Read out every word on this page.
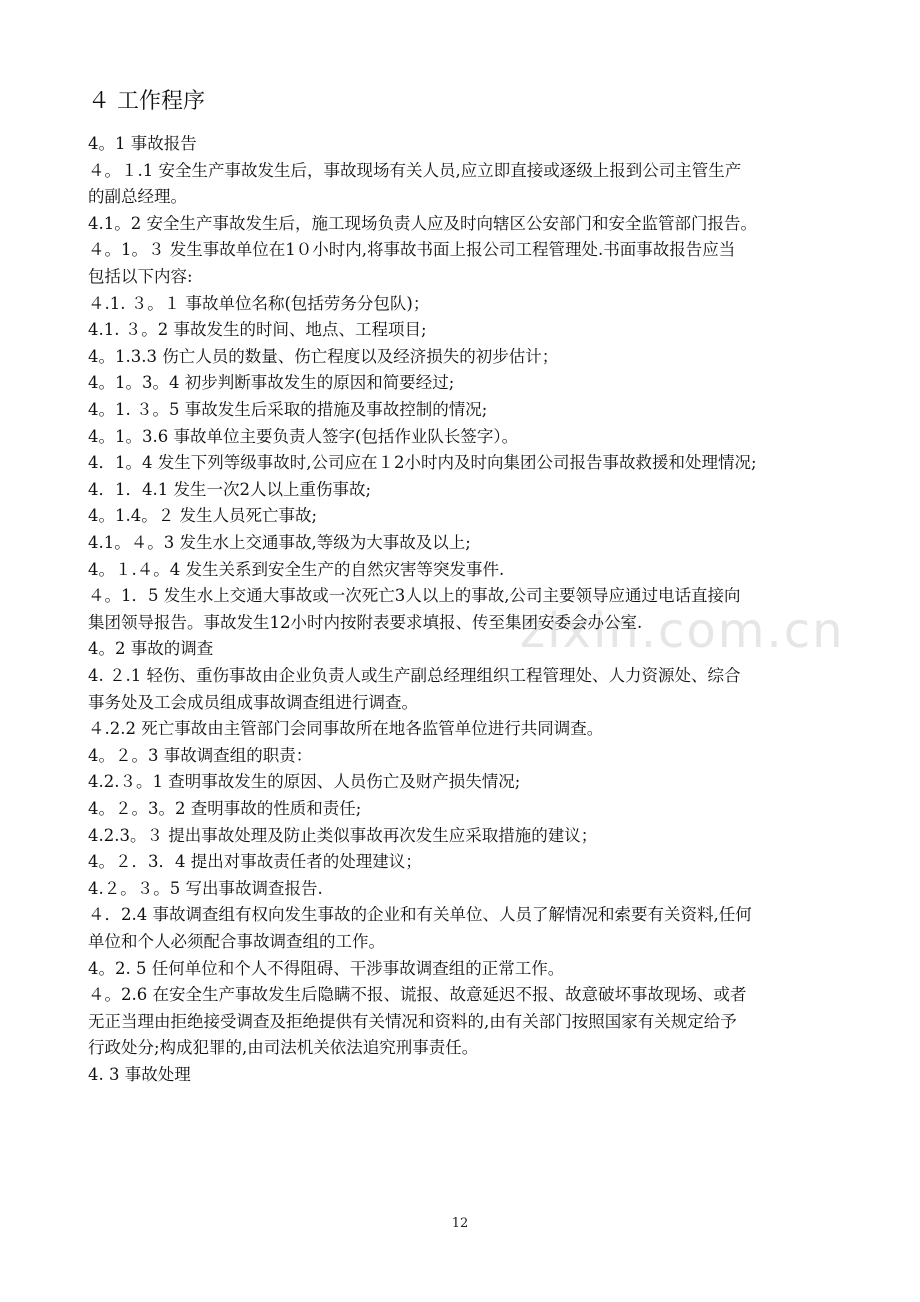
zixin.com.cn
４ 工作程序
4。1 事故报告
４。１.1 安全生产事故发生后，事故现场有关人员,应立即直接或逐级上报到公司主管生产
的副总经理。
4.1。2 安全生产事故发生后，施工现场负责人应及时向辖区公安部门和安全监管部门报告。
４。1。３ 发生事故单位在1０小时内,将事故书面上报公司工程管理处.书面事故报告应当
包括以下内容:
４.1. ３。１ 事故单位名称(包括劳务分包队)；
4.1. ３。2 事故发生的时间、地点、工程项目;
4。1.3.3 伤亡人员的数量、伤亡程度以及经济损失的初步估计；
4。1。3。4 初步判断事故发生的原因和简要经过;
4。1. ３。5 事故发生后采取的措施及事故控制的情况;
4。1。3.6 事故单位主要负责人签字(包括作业队长签字）。
4．1。4 发生下列等级事故时,公司应在１2小时内及时向集团公司报告事故救援和处理情况;
4．1．4.1 发生一次2人以上重伤事故;
4。1.4。２ 发生人员死亡事故;
4.1。４。3 发生水上交通事故,等级为大事故及以上;
4。１.４。4 发生关系到安全生产的自然灾害等突发事件.
４。1．5 发生水上交通大事故或一次死亡3人以上的事故,公司主要领导应通过电话直接向
集团领导报告。事故发生12小时内按附表要求填报、传至集团安委会办公室.
4。2 事故的调查
4. ２.1 轻伤、重伤事故由企业负责人或生产副总经理组织工程管理处、人力资源处、综合
事务处及工会成员组成事故调查组进行调查。
４.2.2 死亡事故由主管部门会同事故所在地各监管单位进行共同调查。
4。２。3 事故调查组的职责：
4.2.３。1 查明事故发生的原因、人员伤亡及财产损失情况;
4。２。3。2 查明事故的性质和责任;
4.2.3。３ 提出事故处理及防止类似事故再次发生应采取措施的建议；
4。２．3．4 提出对事故责任者的处理建议；
4.２。３。5 写出事故调查报告.
４．2.4 事故调查组有权向发生事故的企业和有关单位、人员了解情况和索要有关资料,任何
单位和个人必须配合事故调查组的工作。
4。2. 5 任何单位和个人不得阻碍、干涉事故调查组的正常工作。
４。2.6 在安全生产事故发生后隐瞒不报、谎报、故意延迟不报、故意破坏事故现场、或者
无正当理由拒绝接受调查及拒绝提供有关情况和资料的,由有关部门按照国家有关规定给予
行政处分;构成犯罪的,由司法机关依法追究刑事责任。
4. 3 事故处理
12
